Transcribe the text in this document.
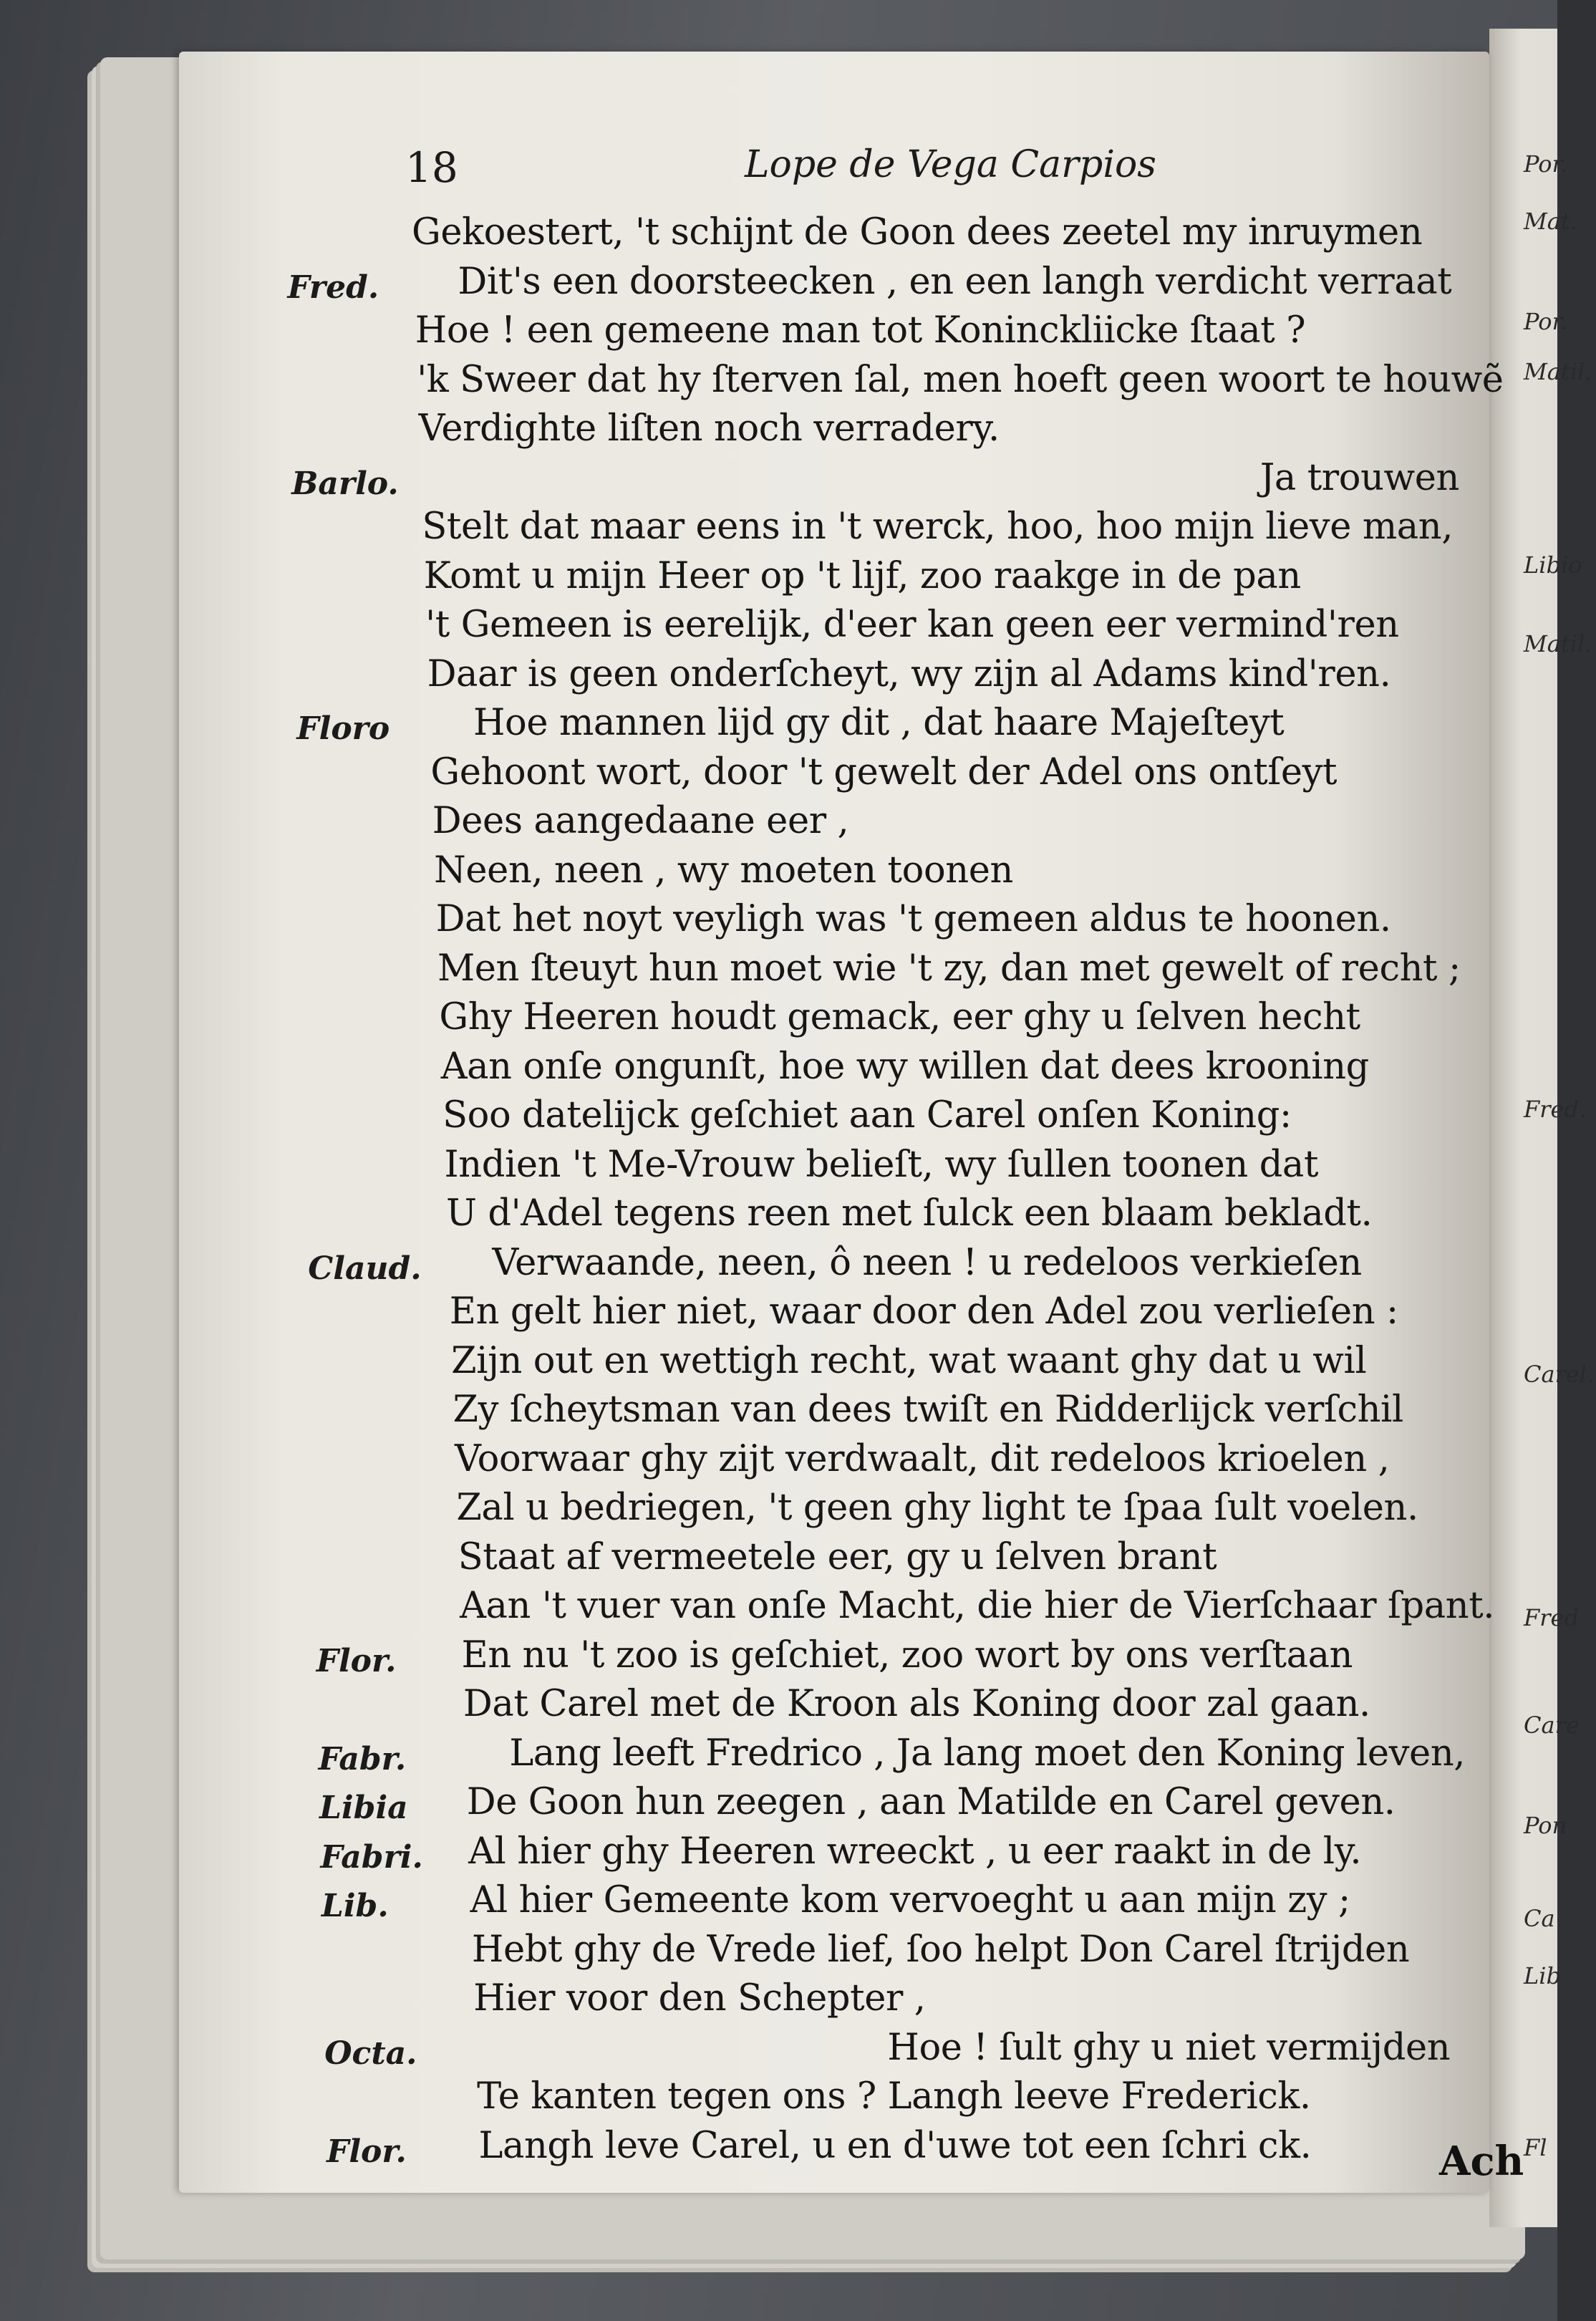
18	Lope de Vega Carpios
Gekoestert, 't schijnt de Goon dees zeetel my inruymen
Fred. Dit's een doorsteecken , en een langh verdicht verraat
Hoe ! een gemeene man tot Koninckliicke ſtaat ?
'k Sweer dat hy ſterven ſal, men hoeft geen woort te houwẽ
Verdighte liſten noch verradery.
Barlo.	Ja trouwen
Stelt dat maar eens in 't werck, hoo, hoo mijn lieve man,
Komt u mijn Heer op 't lijf, zoo raakge in de pan
't Gemeen is eerelijk, d'eer kan geen eer vermind'ren
Daar is geen onderſcheyt, wy zijn al Adams kind'ren.
Floro Hoe mannen lijd gy dit , dat haare Majeſteyt
Gehoont wort, door 't gewelt der Adel ons ontſeyt
Dees aangedaane eer ,
Neen, neen , wy moeten toonen
Dat het noyt veyligh was 't gemeen aldus te hoonen.
Men ſteuyt hun moet wie 't zy, dan met gewelt of recht ;
Ghy Heeren houdt gemack, eer ghy u ſelven hecht
Aan onſe ongunſt, hoe wy willen dat dees krooning
Soo datelijck geſchiet aan Carel onſen Koning:
Indien 't Me-Vrouw belieſt, wy ſullen toonen dat
U d'Adel tegens reen met ſulck een blaam bekladt.
Claud. Verwaande, neen, ô neen ! u redeloos verkieſen
En gelt hier niet, waar door den Adel zou verlieſen :
Zijn out en wettigh recht, wat waant ghy dat u wil
Zy ſcheytsman van dees twiſt en Ridderlijck verſchil
Voorwaar ghy zijt verdwaalt, dit redeloos krioelen ,
Zal u bedriegen, 't geen ghy light te ſpaa ſult voelen.
Staat af vermeetele eer, gy u ſelven brant
Aan 't vuer van onſe Macht, die hier de Vierſchaar ſpant.
Flor. En nu 't zoo is geſchiet, zoo wort by ons verſtaan
Dat Carel met de Kroon als Koning door zal gaan.
Fabr.	Lang leeft Fredrico , Ja lang moet den Koning leven,
Libia De Goon hun zeegen , aan Matilde en Carel geven.
Fabri. Al hier ghy Heeren wreeckt , u eer raakt in de ly.
Lib. Al hier Gemeente kom vervoeght u aan mijn zy ;
Hebt ghy de Vrede lief, ſoo helpt Don Carel ſtrijden
Hier voor den Schepter ,
Octa.	Hoe ! ſult ghy u niet vermijden
Te kanten tegen ons ? Langh leeve Frederick.
Flor. Langh leve Carel, u en d'uwe tot een ſchri ck.
Por.
Mat.
Por.
Matil.
Libio
Matil.
Fred.
Carel.
Fred
Care
Pon
Ca
Lib
Fl
Ach
